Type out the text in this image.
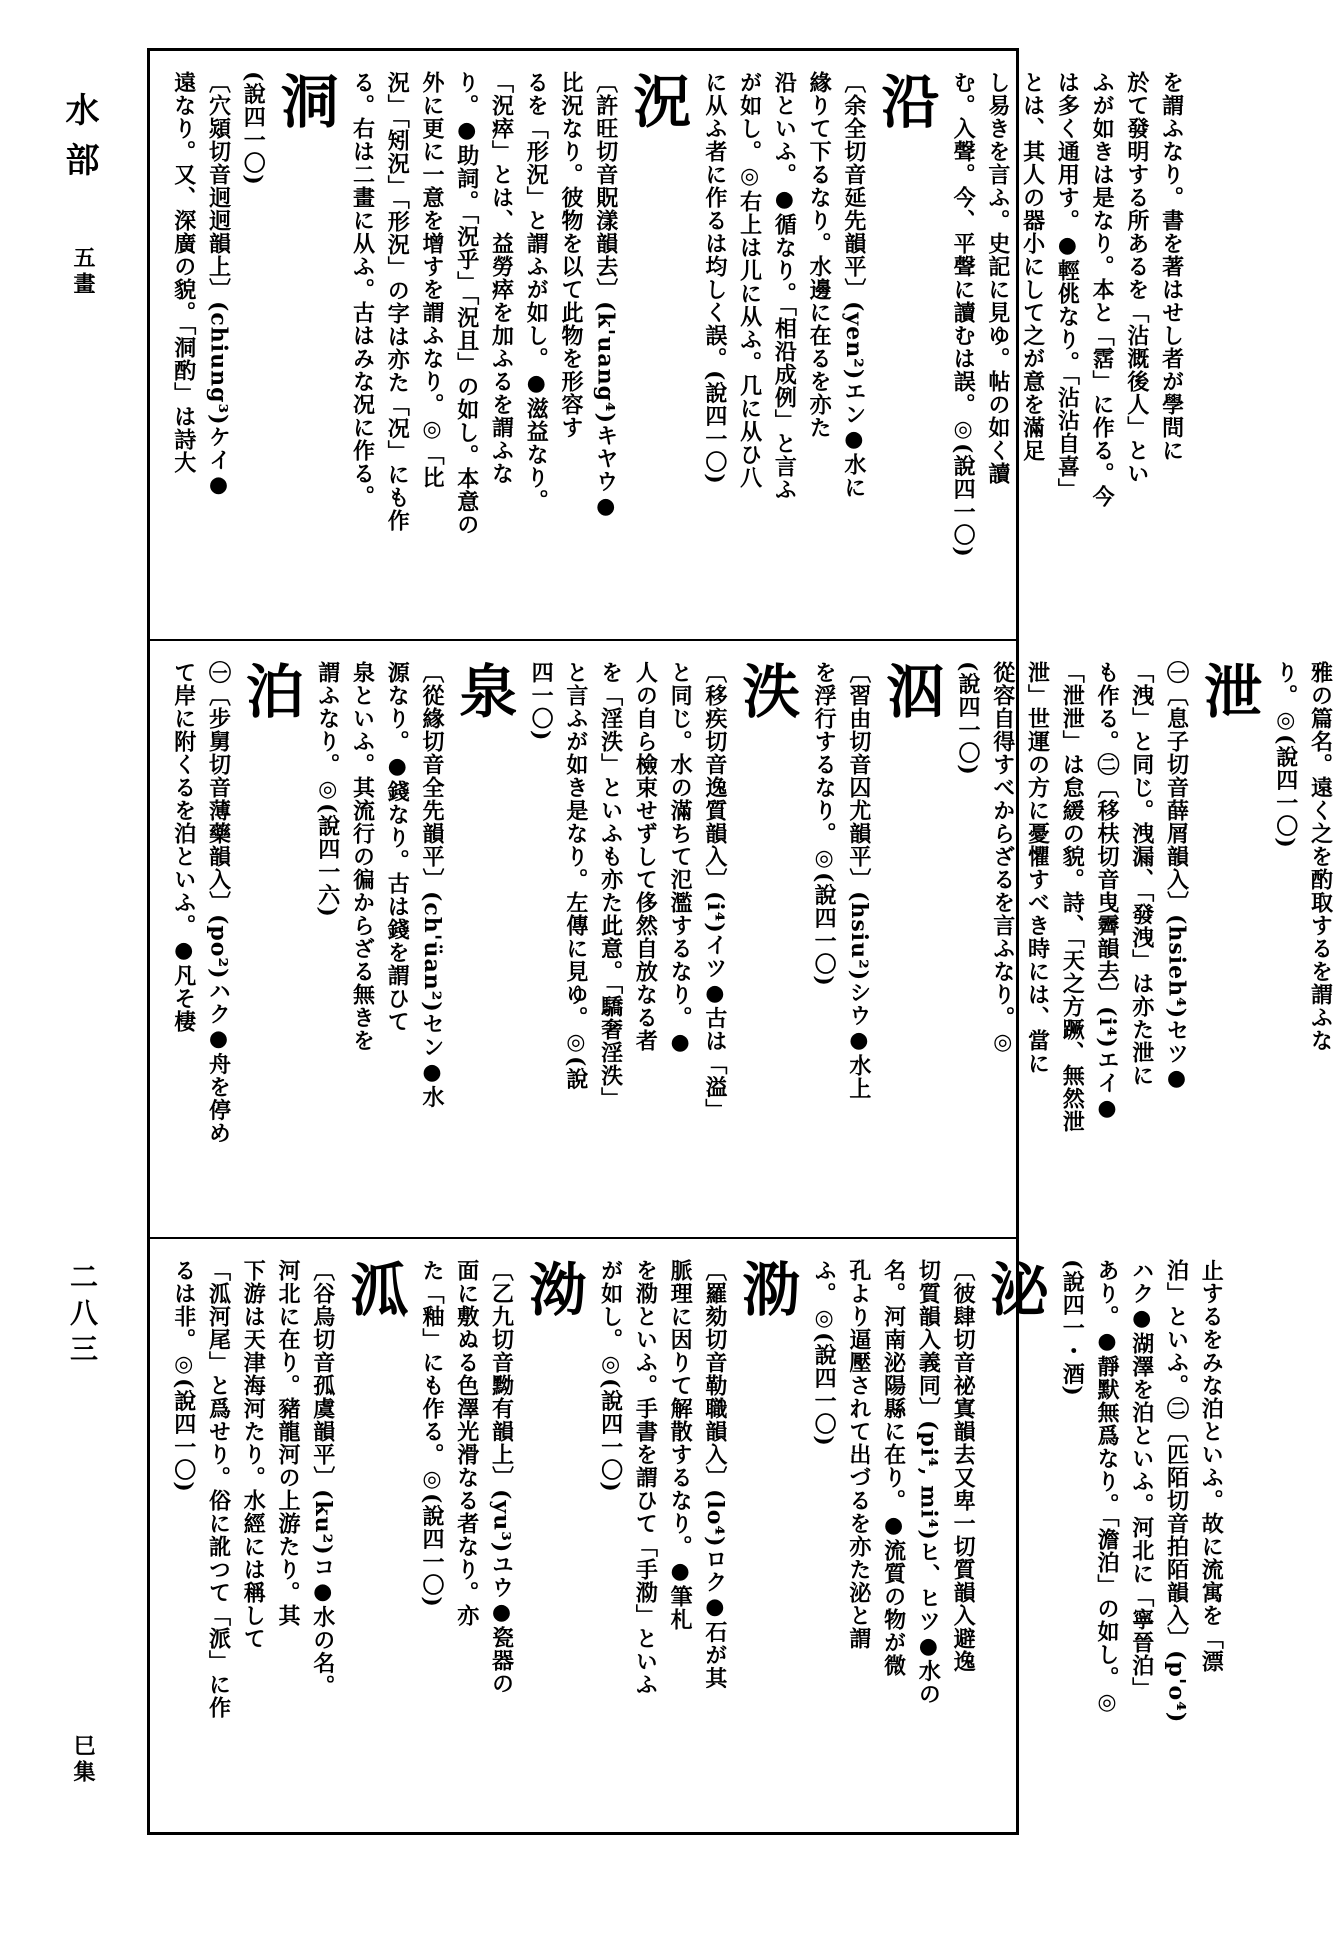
水部
五畫
二八三
巳集
を謂ふなり。書を著はせし者が學問に
於て發明する所あるを「沾溉後人」とい
ふが如きは是なり。本と「霑」に作る。今
は多く通用す。●輕佻なり。「沾沾自喜」
とは、其人の器小にして之が意を滿足
し易きを言ふ。史記に見ゆ。帖の如く讀
む。入聲。今、平聲に讀むは誤。◎(說四一〇)
沿
〔余全切音延先韻平〕(yen²)エン●水に
緣りて下るなり。水邊に在るを亦た
沿といふ。●循なり。「相沿成例」と言ふ
が如し。◎右上は儿に从ふ。几に从ひ八
に从ふ者に作るは均しく誤。(說四一〇)
況
〔許旺切音貺漾韻去〕(k'uang⁴)キヤウ●
比況なり。彼物を以て此物を形容す
るを「形況」と謂ふが如し。●滋益なり。
「況瘁」とは、益勞瘁を加ふるを謂ふな
り。●助詞。「況乎」「況且」の如し。本意の
外に更に一意を增すを謂ふなり。◎「比
況」「矧況」「形況」の字は亦た「况」にも作
る。右は二畫に从ふ。古はみな况に作る。
洞
(說四一〇)
〔穴熲切音迥迥韻上〕(chiung³)ケイ●
遠なり。又、深廣の貌。「洞酌」は詩大
雅の篇名。遠く之を酌取するを謂ふな
り。◎(說四一〇)
泄
㊀〔息子切音薛屑韻入〕(hsieh⁴)セツ●
「洩」と同じ。洩漏、「發洩」は亦た泄に
も作る。㊁〔移枎切音曳霽韻去〕(i⁴)エイ●
「泄泄」は怠緩の貌。詩、「天之方蹶、無然泄
泄」世運の方に憂懼すべき時には、當に
從容自得すべからざるを言ふなり。◎
(說四一〇)
泅
〔習由切音囚尤韻平〕(hsiu²)シウ●水上
を浮行するなり。◎(說四一〇)
泆
〔移疾切音逸質韻入〕(i⁴)イツ●古は「溢」
と同じ。水の滿ちて氾濫するなり。●
人の自ら檢束せずして侈然自放なる者
を「淫泆」といふも亦た此意。「驕奢淫泆」
と言ふが如き是なり。左傳に見ゆ。◎(說
四一〇)
泉
〔從緣切音全先韻平〕(ch'üan²)セン●水
源なり。●錢なり。古は錢を謂ひて
泉といふ。其流行の徧からざる無きを
謂ふなり。◎(說四一六)
泊
㊀〔步舅切音薄藥韻入〕(po²)ハク●舟を停め
て岸に附くるを泊といふ。●凡そ棲
止するをみな泊といふ。故に流寓を「漂
泊」といふ。㊁〔匹陌切音拍陌韻入〕(p'o⁴)
ハク●湖澤を泊といふ。河北に「寧晉泊」
あり。●靜默無爲なり。「澹泊」の如し。◎
(說四一・酒)
泌
〔彼肆切音祕寘韻去又卑一切質韻入避逸
切質韻入義同〕(pi⁴, mi⁴)ヒ、ヒツ●水の
名。河南泌陽縣に在り。●流質の物が微
孔より逼壓されて出づるを亦た泌と謂
ふ。◎(說四一〇)
泐
〔羅劾切音勒職韻入〕(lo⁴)ロク●石が其
脈理に因りて解散するなり。●筆札
を泐といふ。手書を謂ひて「手泐」といふ
が如し。◎(說四一〇)
泑
〔乙九切音黝有韻上〕(yu³)ユウ●瓷器の
面に敷ぬる色澤光滑なる者なり。亦
た「釉」にも作る。◎(說四一〇)
泒
〔谷烏切音孤虞韻平〕(ku²)コ●水の名。
河北に在り。豬龍河の上游たり。其
下游は天津海河たり。水經には稱して
「泒河尾」と爲せり。俗に訛つて「派」に作
るは非。◎(說四一〇)
